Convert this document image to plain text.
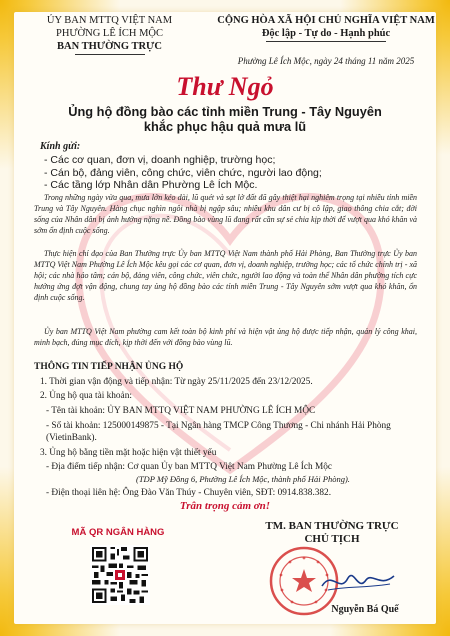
ỦY BAN MTTQ VIỆT NAM
PHƯỜNG LÊ ÍCH MỘC
BAN THƯỜNG TRỰC
CỘNG HÒA XÃ HỘI CHỦ NGHĨA VIỆT NAM
Độc lập - Tự do - Hạnh phúc
Phường Lê Ích Mộc, ngày 24 tháng 11 năm 2025
Thư Ngỏ
Ủng hộ đồng bào các tỉnh miền Trung - Tây Nguyên
khắc phục hậu quả mưa lũ
Kính gửi:
- Các cơ quan, đơn vị, doanh nghiệp, trường học;
- Cán bộ, đảng viên, công chức, viên chức, người lao động;
- Các tầng lớp Nhân dân Phường Lê Ích Mộc.
Trong những ngày vừa qua, mưa lớn kéo dài, lũ quét và sạt lở đất đã gây thiệt hại nghiêm trọng tại nhiều tỉnh miền Trung và Tây Nguyên. Hàng chục nghìn ngôi nhà bị ngập sâu; nhiều khu dân cư bị cô lập, giao thông chia cắt; đời sống của Nhân dân bị ảnh hưởng nặng nề. Đồng bào vùng lũ đang rất cần sự sẻ chia kịp thời để vượt qua khó khăn và sớm ổn định cuộc sống.
Thực hiện chỉ đạo của Ban Thường trực Ủy ban MTTQ Việt Nam thành phố Hải Phòng, Ban Thường trực Ủy ban MTTQ Việt Nam Phường Lê Ích Mộc kêu gọi các cơ quan, đơn vị, doanh nghiệp, trường học; các tổ chức chính trị - xã hội; các nhà hảo tâm; cán bộ, đảng viên, công chức, viên chức, người lao động và toàn thể Nhân dân phường tích cực hưởng ứng đợt vận động, chung tay ủng hộ đồng bào các tỉnh miền Trung - Tây Nguyên sớm vượt qua khó khăn, ổn định cuộc sống.
Ủy ban MTTQ Việt Nam phường cam kết toàn bộ kinh phí và hiện vật ủng hộ được tiếp nhận, quản lý công khai, minh bạch, đúng mục đích, kịp thời đến với đồng bào vùng lũ.
THÔNG TIN TIẾP NHẬN ỦNG HỘ
1. Thời gian vận động và tiếp nhận: Từ ngày 25/11/2025 đến 23/12/2025.
2. Ủng hộ qua tài khoản:
- Tên tài khoản: ỦY BAN MTTQ VIỆT NAM PHƯỜNG LÊ ÍCH MỘC
- Số tài khoản: 125000149875 - Tại Ngân hàng TMCP Công Thương - Chi nhánh Hải Phòng
(VietinBank).
3. Ủng hộ bằng tiền mặt hoặc hiện vật thiết yếu
- Địa điểm tiếp nhận: Cơ quan Ủy ban MTTQ Việt Nam Phường Lê Ích Mộc
(TDP Mỹ Đồng 6, Phường Lê Ích Mộc, thành phố Hải Phòng).
- Điện thoại liên hệ: Ông Đào Văn Thúy - Chuyên viên, SĐT: 0914.838.382.
Trân trọng cảm ơn!
MÃ QR NGÂN HÀNG
TM. BAN THƯỜNG TRỰC
CHỦ TỊCH
Nguyễn Bá Quế
